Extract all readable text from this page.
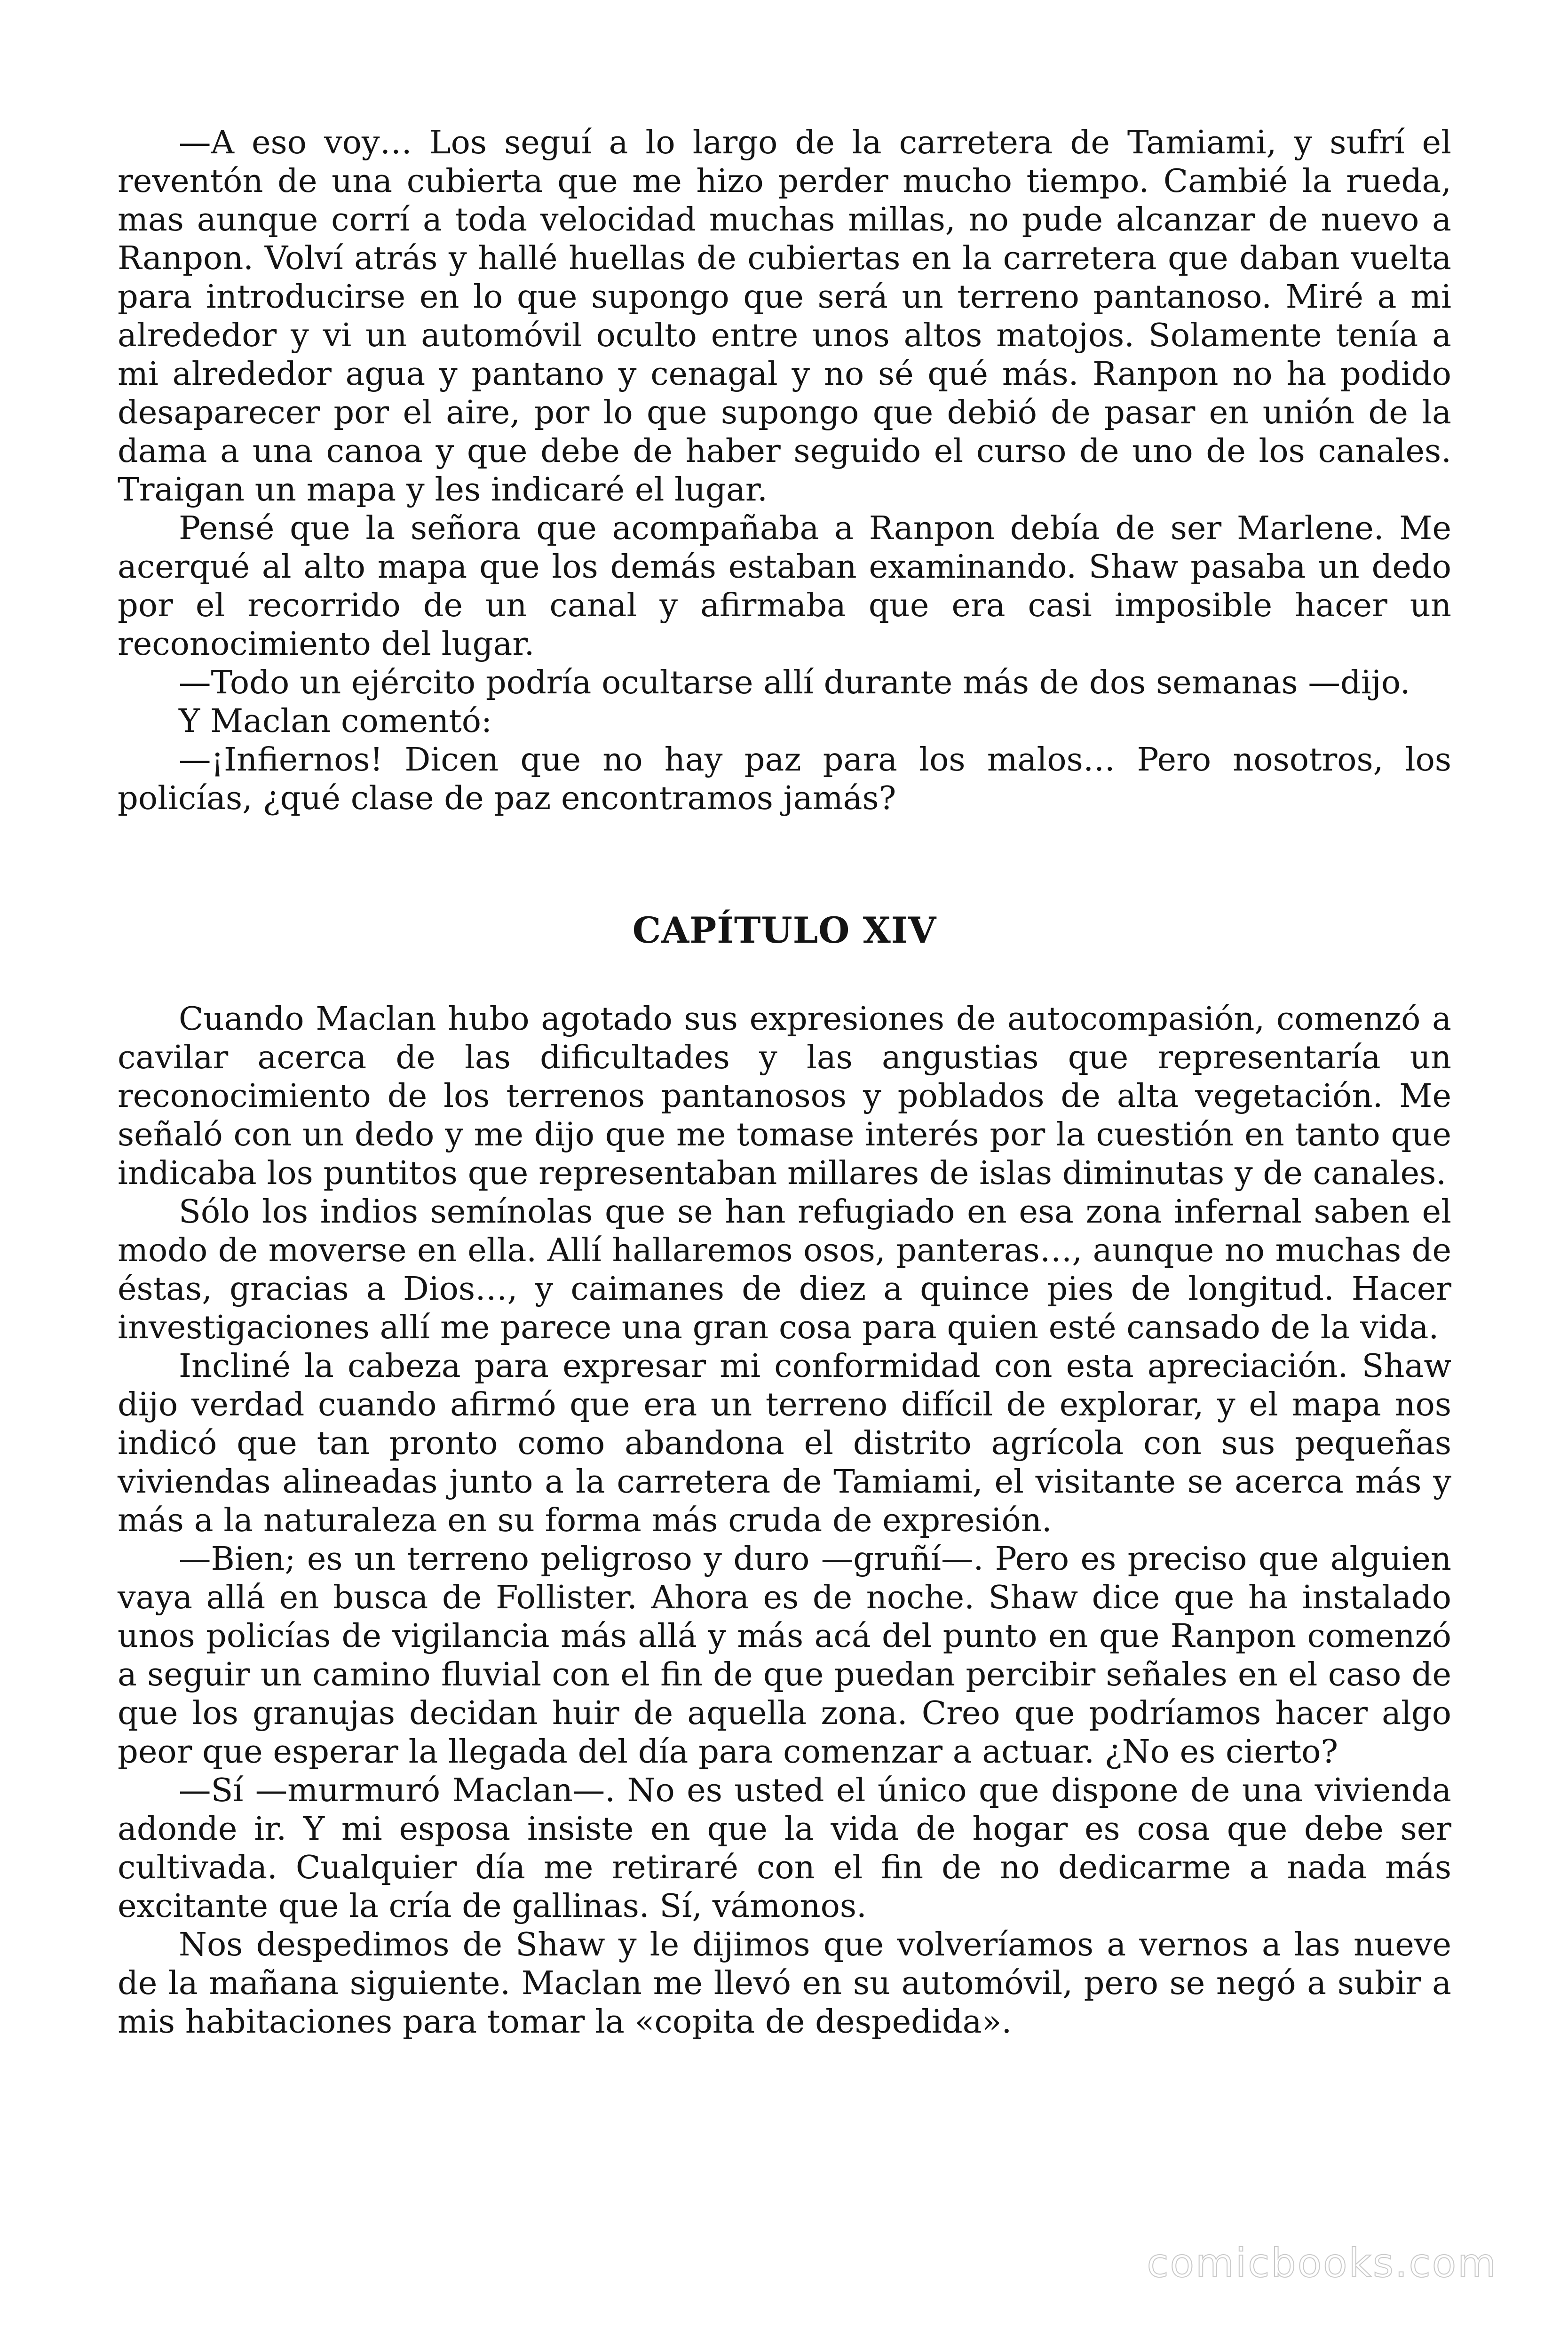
—A eso voy… Los seguí a lo largo de la carretera de Tamiami, y sufrí el reventón de una cubierta que me hizo perder mucho tiempo. Cambié la rueda, mas aunque corrí a toda velocidad muchas millas, no pude alcanzar de nuevo a Ranpon. Volví atrás y hallé huellas de cubiertas en la carretera que daban vuelta para introducirse en lo que supongo que será un terreno pantanoso. Miré a mi alrededor y vi un automóvil oculto entre unos altos matojos. Solamente tenía a mi alrededor agua y pantano y cenagal y no sé qué más. Ranpon no ha podido desaparecer por el aire, por lo que supongo que debió de pasar en unión de la dama a una canoa y que debe de haber seguido el curso de uno de los canales. Traigan un mapa y les indicaré el lugar.

Pensé que la señora que acompañaba a Ranpon debía de ser Marlene. Me acerqué al alto mapa que los demás estaban examinando. Shaw pasaba un dedo por el recorrido de un canal y afirmaba que era casi imposible hacer un reconocimiento del lugar.

—Todo un ejército podría ocultarse allí durante más de dos semanas —dijo.

Y Maclan comentó:

—¡Infiernos! Dicen que no hay paz para los malos… Pero nosotros, los policías, ¿qué clase de paz encontramos jamás?

CAPÍTULO XIV

Cuando Maclan hubo agotado sus expresiones de autocompasión, comenzó a cavilar acerca de las dificultades y las angustias que representaría un reconocimiento de los terrenos pantanosos y poblados de alta vegetación. Me señaló con un dedo y me dijo que me tomase interés por la cuestión en tanto que indicaba los puntitos que representaban millares de islas diminutas y de canales.

Sólo los indios semínolas que se han refugiado en esa zona infernal saben el modo de moverse en ella. Allí hallaremos osos, panteras…, aunque no muchas de éstas, gracias a Dios…, y caimanes de diez a quince pies de longitud. Hacer investigaciones allí me parece una gran cosa para quien esté cansado de la vida.

Incliné la cabeza para expresar mi conformidad con esta apreciación. Shaw dijo verdad cuando afirmó que era un terreno difícil de explorar, y el mapa nos indicó que tan pronto como abandona el distrito agrícola con sus pequeñas viviendas alineadas junto a la carretera de Tamiami, el visitante se acerca más y más a la naturaleza en su forma más cruda de expresión.

—Bien; es un terreno peligroso y duro —gruñí—. Pero es preciso que alguien vaya allá en busca de Follister. Ahora es de noche. Shaw dice que ha instalado unos policías de vigilancia más allá y más acá del punto en que Ranpon comenzó a seguir un camino fluvial con el fin de que puedan percibir señales en el caso de que los granujas decidan huir de aquella zona. Creo que podríamos hacer algo peor que esperar la llegada del día para comenzar a actuar. ¿No es cierto?

—Sí —murmuró Maclan—. No es usted el único que dispone de una vivienda adonde ir. Y mi esposa insiste en que la vida de hogar es cosa que debe ser cultivada. Cualquier día me retiraré con el fin de no dedicarme a nada más excitante que la cría de gallinas. Sí, vámonos.

Nos despedimos de Shaw y le dijimos que volveríamos a vernos a las nueve de la mañana siguiente. Maclan me llevó en su automóvil, pero se negó a subir a mis habitaciones para tomar la «copita de despedida».

comicbooks.com
